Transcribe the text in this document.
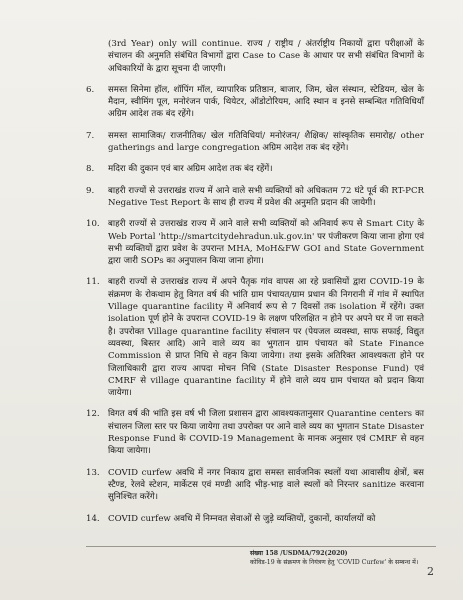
(3rd Year) only will continue. राज्य / राष्ट्रीय / अंतर्राष्ट्रीय निकायों द्वारा परीक्षाओं के संचालन की अनुमति संबंधित विभागों द्वारा Case to Case के आधार पर सभी संबंधित विभागों के अधिकारियों के द्वारा सूचना दी जाएगी।
6.	समस्त सिनेमा हॉल, शॉपिंग मॉल, व्यापारिक प्रतिष्ठान, बाजार, जिम, खेल संस्थान, स्टेडियम, खेल के मैदान, स्वीमिंग पूल, मनोरंजन पार्क, थियेटर, ऑडोटोरियम, आदि स्थान व इनसे सम्बन्धित गतिविधियाँ अग्रिम आदेश तक बंद रहेंगे।
7.	समस्त सामाजिक/ राजनीतिक/ खेल गतिविधियां/ मनोरंजन/ शैक्षिक/ सांस्कृतिक समारोह/ other gatherings and large congregation अग्रिम आदेश तक बंद रहेंगे।
8.	मदिरा की दुकान एवं बार अग्रिम आदेश तक बंद रहेंगें।
9.	बाहरी राज्यों से उत्तराखंड राज्य में आने वाले सभी व्यक्तियों को अधिकतम 72 घंटे पूर्व की RT-PCR Negative Test Report के साथ ही राज्य में प्रवेश की अनुमति प्रदान की जायेगी।
10. बाहरी राज्यों से उत्तराखंड राज्य में आने वाले सभी व्यक्तियों को अनिवार्य रूप से Smart City के Web Portal 'http://smartcitydehradun.uk.gov.in' पर पंजीकरण किया जाना होगा एवं सभी व्यक्तियों द्वारा प्रवेश के उपरान्त MHA, MoH&FW GOI and State Government द्वारा जारी SOPs का अनुपालन किया जाना होगा।
11. बाहरी राज्यों से उत्तराखंड राज्य में अपने पैतृक गांव वापस आ रहे प्रवासियों द्वारा COVID-19 के संक्रमण के रोकथाम हेतु विगत वर्ष की भांति ग्राम पंचायत/ग्राम प्रधान की निगरानी में गांव में स्थापित Village quarantine facility में अनिवार्य रूप से 7 दिवसों तक isolation में रहेंगे। उक्त isolation पूर्ण होने के उपरान्त COVID-19 के लक्षण परिलक्षित न होने पर अपने घर में जा सकते है। उपरोक्त Village quarantine facility संचालन पर (पेयजल व्यवस्था, साफ सफाई, विद्युत व्यवस्था, बिस्तर आदि) आने वाले व्यय का भुगतान ग्राम पंचायत को State Finance Commission से प्राप्त निधि से वहन किया जायेगा। तथा इसके अतिरिक्त आवश्यकता होने पर जिलाधिकारी द्वारा राज्य आपदा मोचन निधि (State Disaster Response Fund) एवं CMRF से village quarantine facility में होने वाले व्यय ग्राम पंचायत को प्रदान किया जायेगा।
12. विगत वर्ष की भांति इस वर्ष भी जिला प्रशासन द्वारा आवश्यकतानुसार Quarantine centers का संचालन जिला स्तर पर किया जायेगा तथा उपरोक्त पर आने वाले व्यय का भुगतान State Disaster Response Fund के COVID-19 Management के मानक अनुसार एवं CMRF से वहन किया जायेगा।
13. COVID curfew अवधि में नगर निकाय द्वारा समस्त सार्वजनिक स्थलों यथा आवासीय क्षेत्रों, बस स्टैण्ड, रेलवे स्टेशन, मार्केटस एवं मण्डी आदि भीड़-भाड़ वाले स्थलों को निरन्तर sanitize करवाना सुनिश्चित करेंगे।
14. COVID curfew अवधि में निम्नवत सेवाओं से जुड़े व्यक्तियों, दुकानों, कार्यालयों को
संख्या 158 /USDMA/792(2020)
कोविड-19 के संक्रमण के नियंत्रण हेतु 'COVID Curfew' के सम्बन्ध में।
2
